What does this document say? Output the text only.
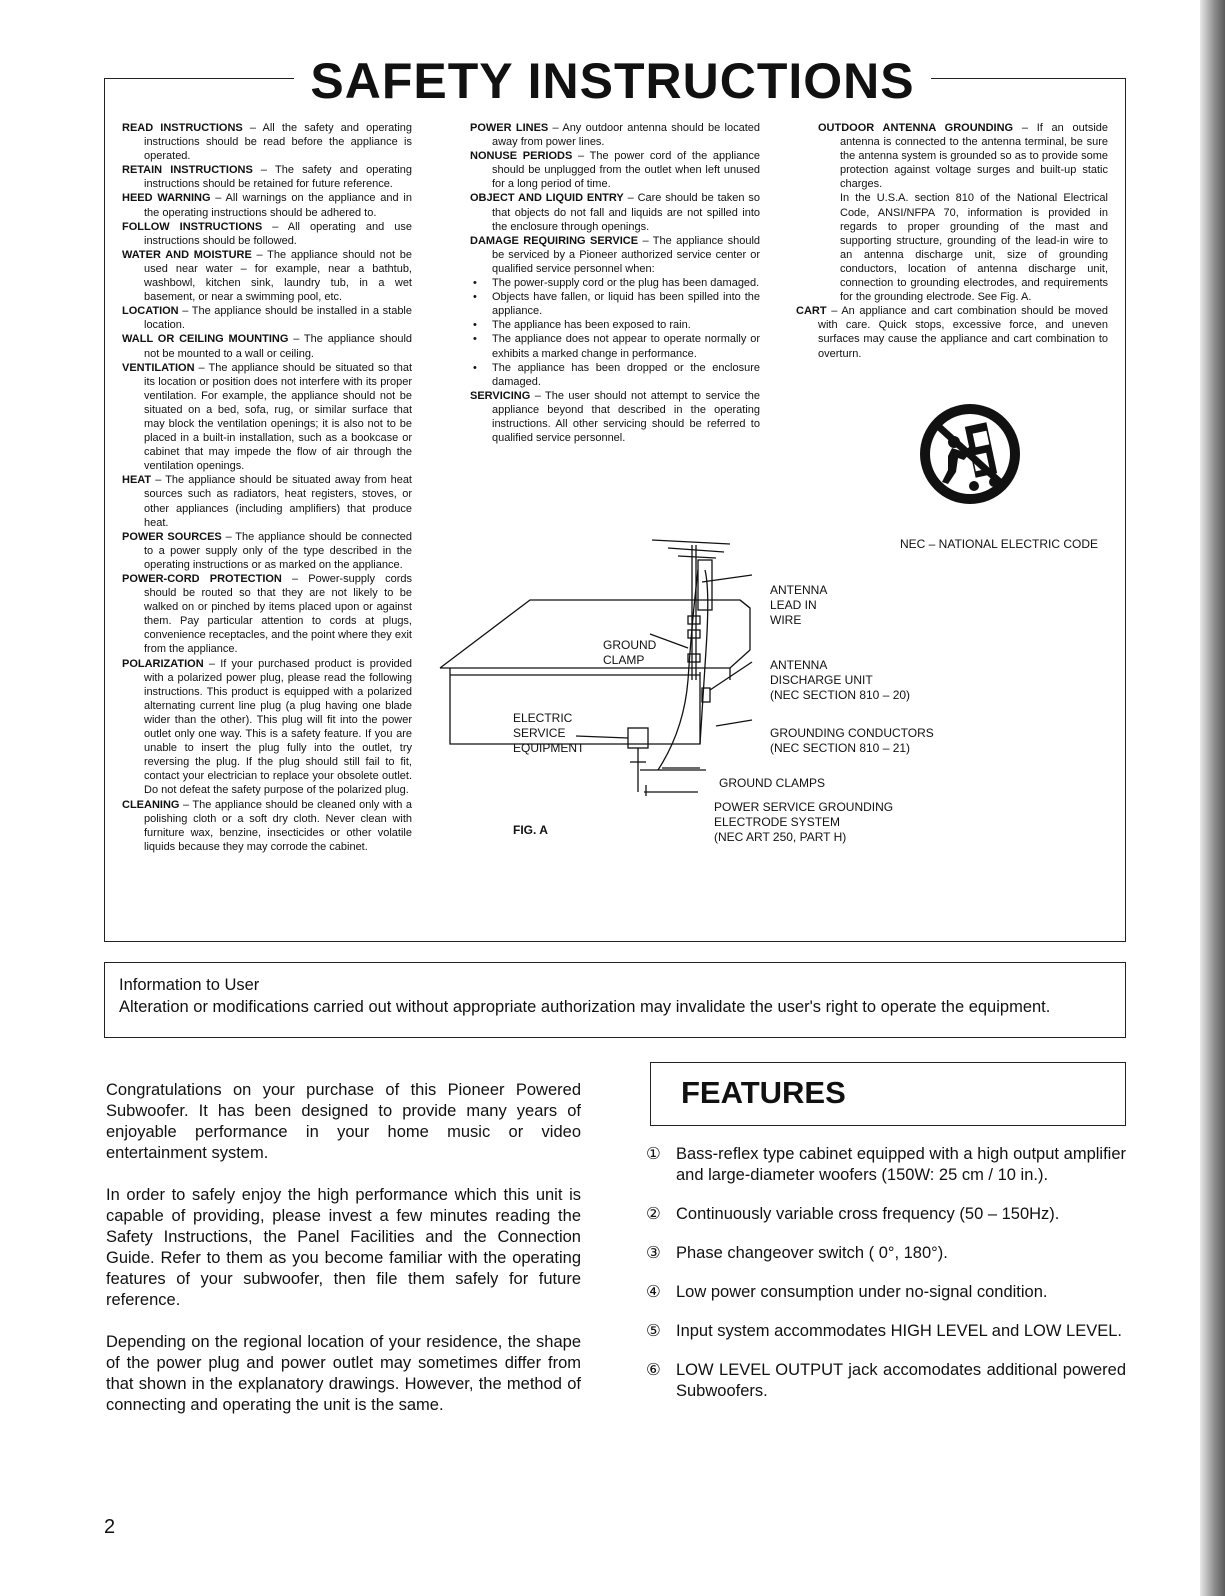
SAFETY INSTRUCTIONS

READ INSTRUCTIONS – All the safety and operating instructions should be read before the appliance is operated.

RETAIN INSTRUCTIONS – The safety and operating instructions should be retained for future reference.

HEED WARNING – All warnings on the appliance and in the operating instructions should be adhered to.

FOLLOW INSTRUCTIONS – All operating and use instructions should be followed.

WATER AND MOISTURE – The appliance should not be used near water – for example, near a bathtub, washbowl, kitchen sink, laundry tub, in a wet basement, or near a swimming pool, etc.

LOCATION – The appliance should be installed in a stable location.

WALL OR CEILING MOUNTING – The appliance should not be mounted to a wall or ceiling.

VENTILATION – The appliance should be situated so that its location or position does not interfere with its proper ventilation. For example, the appliance should not be situated on a bed, sofa, rug, or similar surface that may block the ventilation openings; it is also not to be placed in a built-in installation, such as a bookcase or cabinet that may impede the flow of air through the ventilation openings.

HEAT – The appliance should be situated away from heat sources such as radiators, heat registers, stoves, or other appliances (including amplifiers) that produce heat.

POWER SOURCES – The appliance should be connected to a power supply only of the type described in the operating instructions or as marked on the appliance.

POWER-CORD PROTECTION – Power-supply cords should be routed so that they are not likely to be walked on or pinched by items placed upon or against them. Pay particular attention to cords at plugs, convenience receptacles, and the point where they exit from the appliance.

POLARIZATION – If your purchased product is provided with a polarized power plug, please read the following instructions. This product is equipped with a polarized alternating current line plug (a plug having one blade wider than the other). This plug will fit into the power outlet only one way. This is a safety feature. If you are unable to insert the plug fully into the outlet, try reversing the plug. If the plug should still fail to fit, contact your electrician to replace your obsolete outlet. Do not defeat the safety purpose of the polarized plug.

CLEANING – The appliance should be cleaned only with a polishing cloth or a soft dry cloth. Never clean with furniture wax, benzine, insecticides or other volatile liquids because they may corrode the cabinet.

POWER LINES – Any outdoor antenna should be located away from power lines.

NONUSE PERIODS – The power cord of the appliance should be unplugged from the outlet when left unused for a long period of time.

OBJECT AND LIQUID ENTRY – Care should be taken so that objects do not fall and liquids are not spilled into the enclosure through openings.

DAMAGE REQUIRING SERVICE – The appliance should be serviced by a Pioneer authorized service center or qualified service personnel when:

• The power-supply cord or the plug has been damaged.
• Objects have fallen, or liquid has been spilled into the appliance.
• The appliance has been exposed to rain.
• The appliance does not appear to operate normally or exhibits a marked change in performance.
• The appliance has been dropped or the enclosure damaged.

SERVICING – The user should not attempt to service the appliance beyond that described in the operating instructions. All other servicing should be referred to qualified service personnel.

OUTDOOR ANTENNA GROUNDING – If an outside antenna is connected to the antenna terminal, be sure the antenna system is grounded so as to provide some protection against voltage surges and built-up static charges.

In the U.S.A. section 810 of the National Electrical Code, ANSI/NFPA 70, information is provided in regards to proper grounding of the mast and supporting structure, grounding of the lead-in wire to an antenna discharge unit, size of grounding conductors, location of antenna discharge unit, connection to grounding electrodes, and requirements for the grounding electrode. See Fig. A.

CART – An appliance and cart combination should be moved with care. Quick stops, excessive force, and uneven surfaces may cause the appliance and cart combination to overturn.

NEC – NATIONAL ELECTRIC CODE
ANTENNA
LEAD IN
WIRE
GROUND
CLAMP	ANTENNA
DISCHARGE UNIT
(NEC SECTION 810 – 20)
ELECTRIC
SERVICE
EQUIPMENT
GROUNDING CONDUCTORS
(NEC SECTION 810 – 21)
GROUND CLAMPS
POWER SERVICE GROUNDING
ELECTRODE SYSTEM
(NEC ART 250, PART H)
FIG. A
Information to User
Alteration or modifications carried out without appropriate authorization may invalidate the user's right to operate the equipment.

Congratulations on your purchase of this Pioneer Powered Subwoofer. It has been designed to provide many years of enjoyable performance in your home music or video entertainment system.

In order to safely enjoy the high performance which this unit is capable of providing, please invest a few minutes reading the Safety Instructions, the Panel Facilities and the Connection Guide. Refer to them as you become familiar with the operating features of your subwoofer, then file them safely for future reference.

Depending on the regional location of your residence, the shape of the power plug and power outlet may sometimes differ from that shown in the explanatory drawings. However, the method of connecting and operating the unit is the same.

FEATURES
① Bass-reflex type cabinet equipped with a high output amplifier and large-diameter woofers (150W: 25 cm / 10 in.).
② Continuously variable cross frequency (50 – 150Hz).
③ Phase changeover switch ( 0°, 180°).
④ Low power consumption under no-signal condition.
⑤ Input system accommodates HIGH LEVEL and LOW LEVEL.
⑥ LOW LEVEL OUTPUT jack accomodates additional powered Subwoofers.
2
